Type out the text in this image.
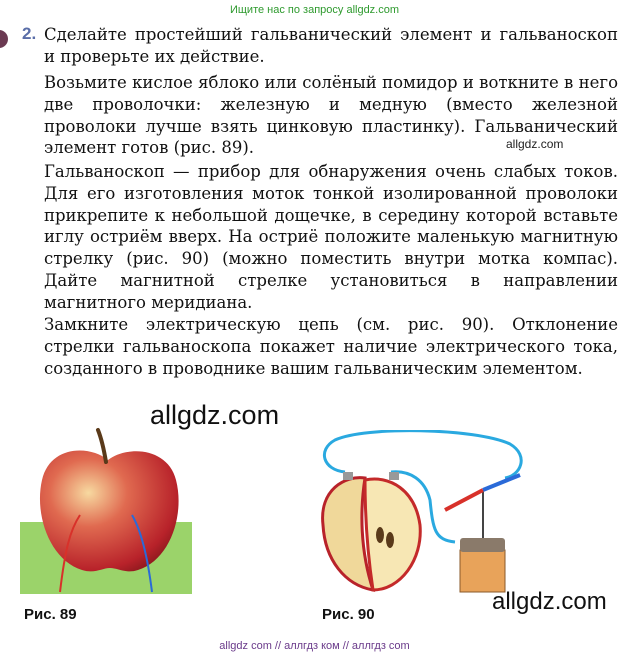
Ищите нас по запросу allgdz.com
2. Сделайте простейший гальванический элемент и гальваноскоп и проверьте их действие.

Возьмите кислое яблоко или солёный помидор и воткните в него две проволочки: железную и медную (вместо железной проволоки лучше взять цинковую пластинку). Гальванический элемент готов (рис. 89).	allgdz.com

Гальваноскоп — прибор для обнаружения очень слабых токов. Для его изготовления моток тонкой изолированной проволоки прикрепите к небольшой дощечке, в середину которой вставьте иглу остриём вверх. На остриё положите маленькую магнитную стрелку (рис. 90) (можно поместить внутри мотка компас). Дайте магнитной стрелке установиться в направлении магнитного меридиана.

Замкните электрическую цепь (см. рис. 90). Отклонение стрелки гальваноскопа покажет наличие электрического тока, созданного в проводнике вашим гальваническим элементом.

allgdz.com
Рис. 89	Рис. 90	allgdz.com
allgdz com // аллгдз ком // аллгдз com
